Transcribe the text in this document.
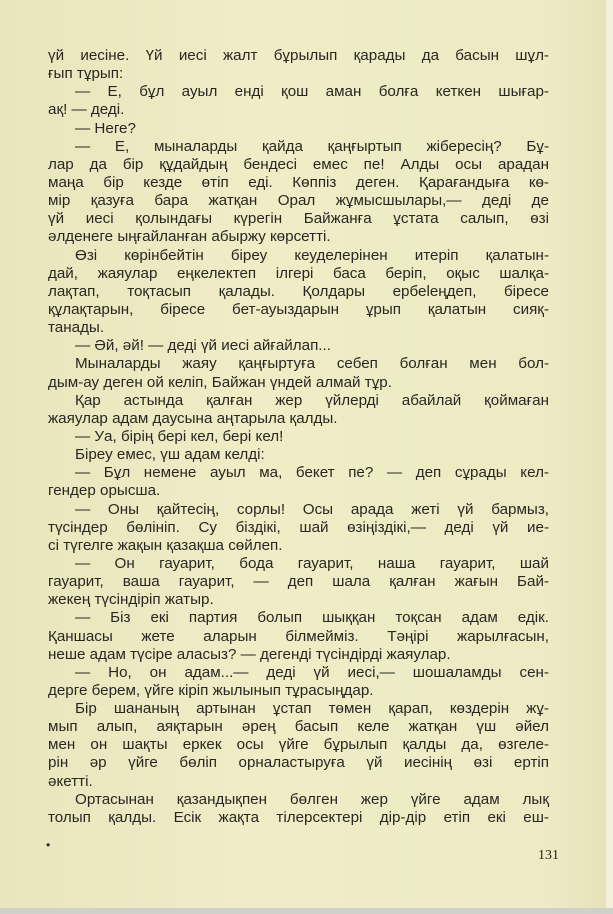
үй иесіне. Үй иесі жалт бұрылып қарады да басын шұл-
ғып тұрып:
— Е, бұл ауыл енді қош аман болға кеткен шығар-
ақ! — деді.
— Неге?
— Е, мыналарды қайда қаңғыртып жібересің? Бұ-
лар да бір құдайдың бендесі емес пе! Алды осы арадан
маңа бір кезде өтіп еді. Көппіз деген. Қарағандыға кө-
мір қазуға бара жатқан Орал жұмысшылары,— деді де
үй иесі қолындағы күрегін Байжанға ұстата салып, өзі
әлденеге ыңғайланған абыржу көрсетті.
Өзі көрінбейтін біреу кеуделерінен итеріп қалатын-
дай, жаяулар еңкелектеп ілгері баса беріп, оқыс шалқа-
лақтап, тоқтасып қалады. Қолдары ербеleңдеп, бірece
құлақтарын, бірece бет-ауыздарын ұрып қалатын сияқ-
танады.
— Әй, әй! — деді үй иесі айғайлап...
Мыналарды жаяу қаңғыртуға себеп болған мен бол-
дым-ау деген ой келіп, Байжан үндей алмай тұр.
Қар астында қалған жер үйлерді абайлай қоймаған
жаяулар адам даусына аңтарыла қалды.
— Уа, бірің бері кел, бері кел!
Біреу емес, үш адам келді:
— Бұл немене ауыл ма, бекет пе? — деп сұрады кел-
гендер орысша.
— Оны қайтесің, сорлы! Осы арада жеті үй бармыз,
түсіндер бөлініп. Су біздікі, шай өзіңіздікі,— деді үй ие-
сі түгелге жақын қазақша сөйлеп.
— Он гауарит, бода гауарит, наша гауарит, шай
гауарит, ваша гауарит, — деп шала қалған жағын Бай-
жекең түсіндіріп жатыр.
— Біз екі партия болып шыққан тоқсан адам едік.
Қаншасы жете аларын білмейміз. Тәңірі жарылғасын,
неше адам түсіре аласыз? — дегенді түсіндірді жаяулар.
— Но, он адам...— деді үй иесі,— шошаламды сен-
дерге берем, үйге кіріп жылынып тұрасыңдар.
Бір шананың артынан ұстап төмен қарап, көздерін жұ-
мып алып, аяқтарын әрең басып келе жатқан үш әйел
мен он шақты еркек осы үйге бұрылып қалды да, өзгеле-
рін әр үйге бөліп орналастыруға үй иесінің өзі ертіп
әкетті.
Ортасынан қазандықпен бөлген жер үйге адам лық
толып қалды. Есік жақта тілерсектері дір-дір етіп екі еш-
•
131
